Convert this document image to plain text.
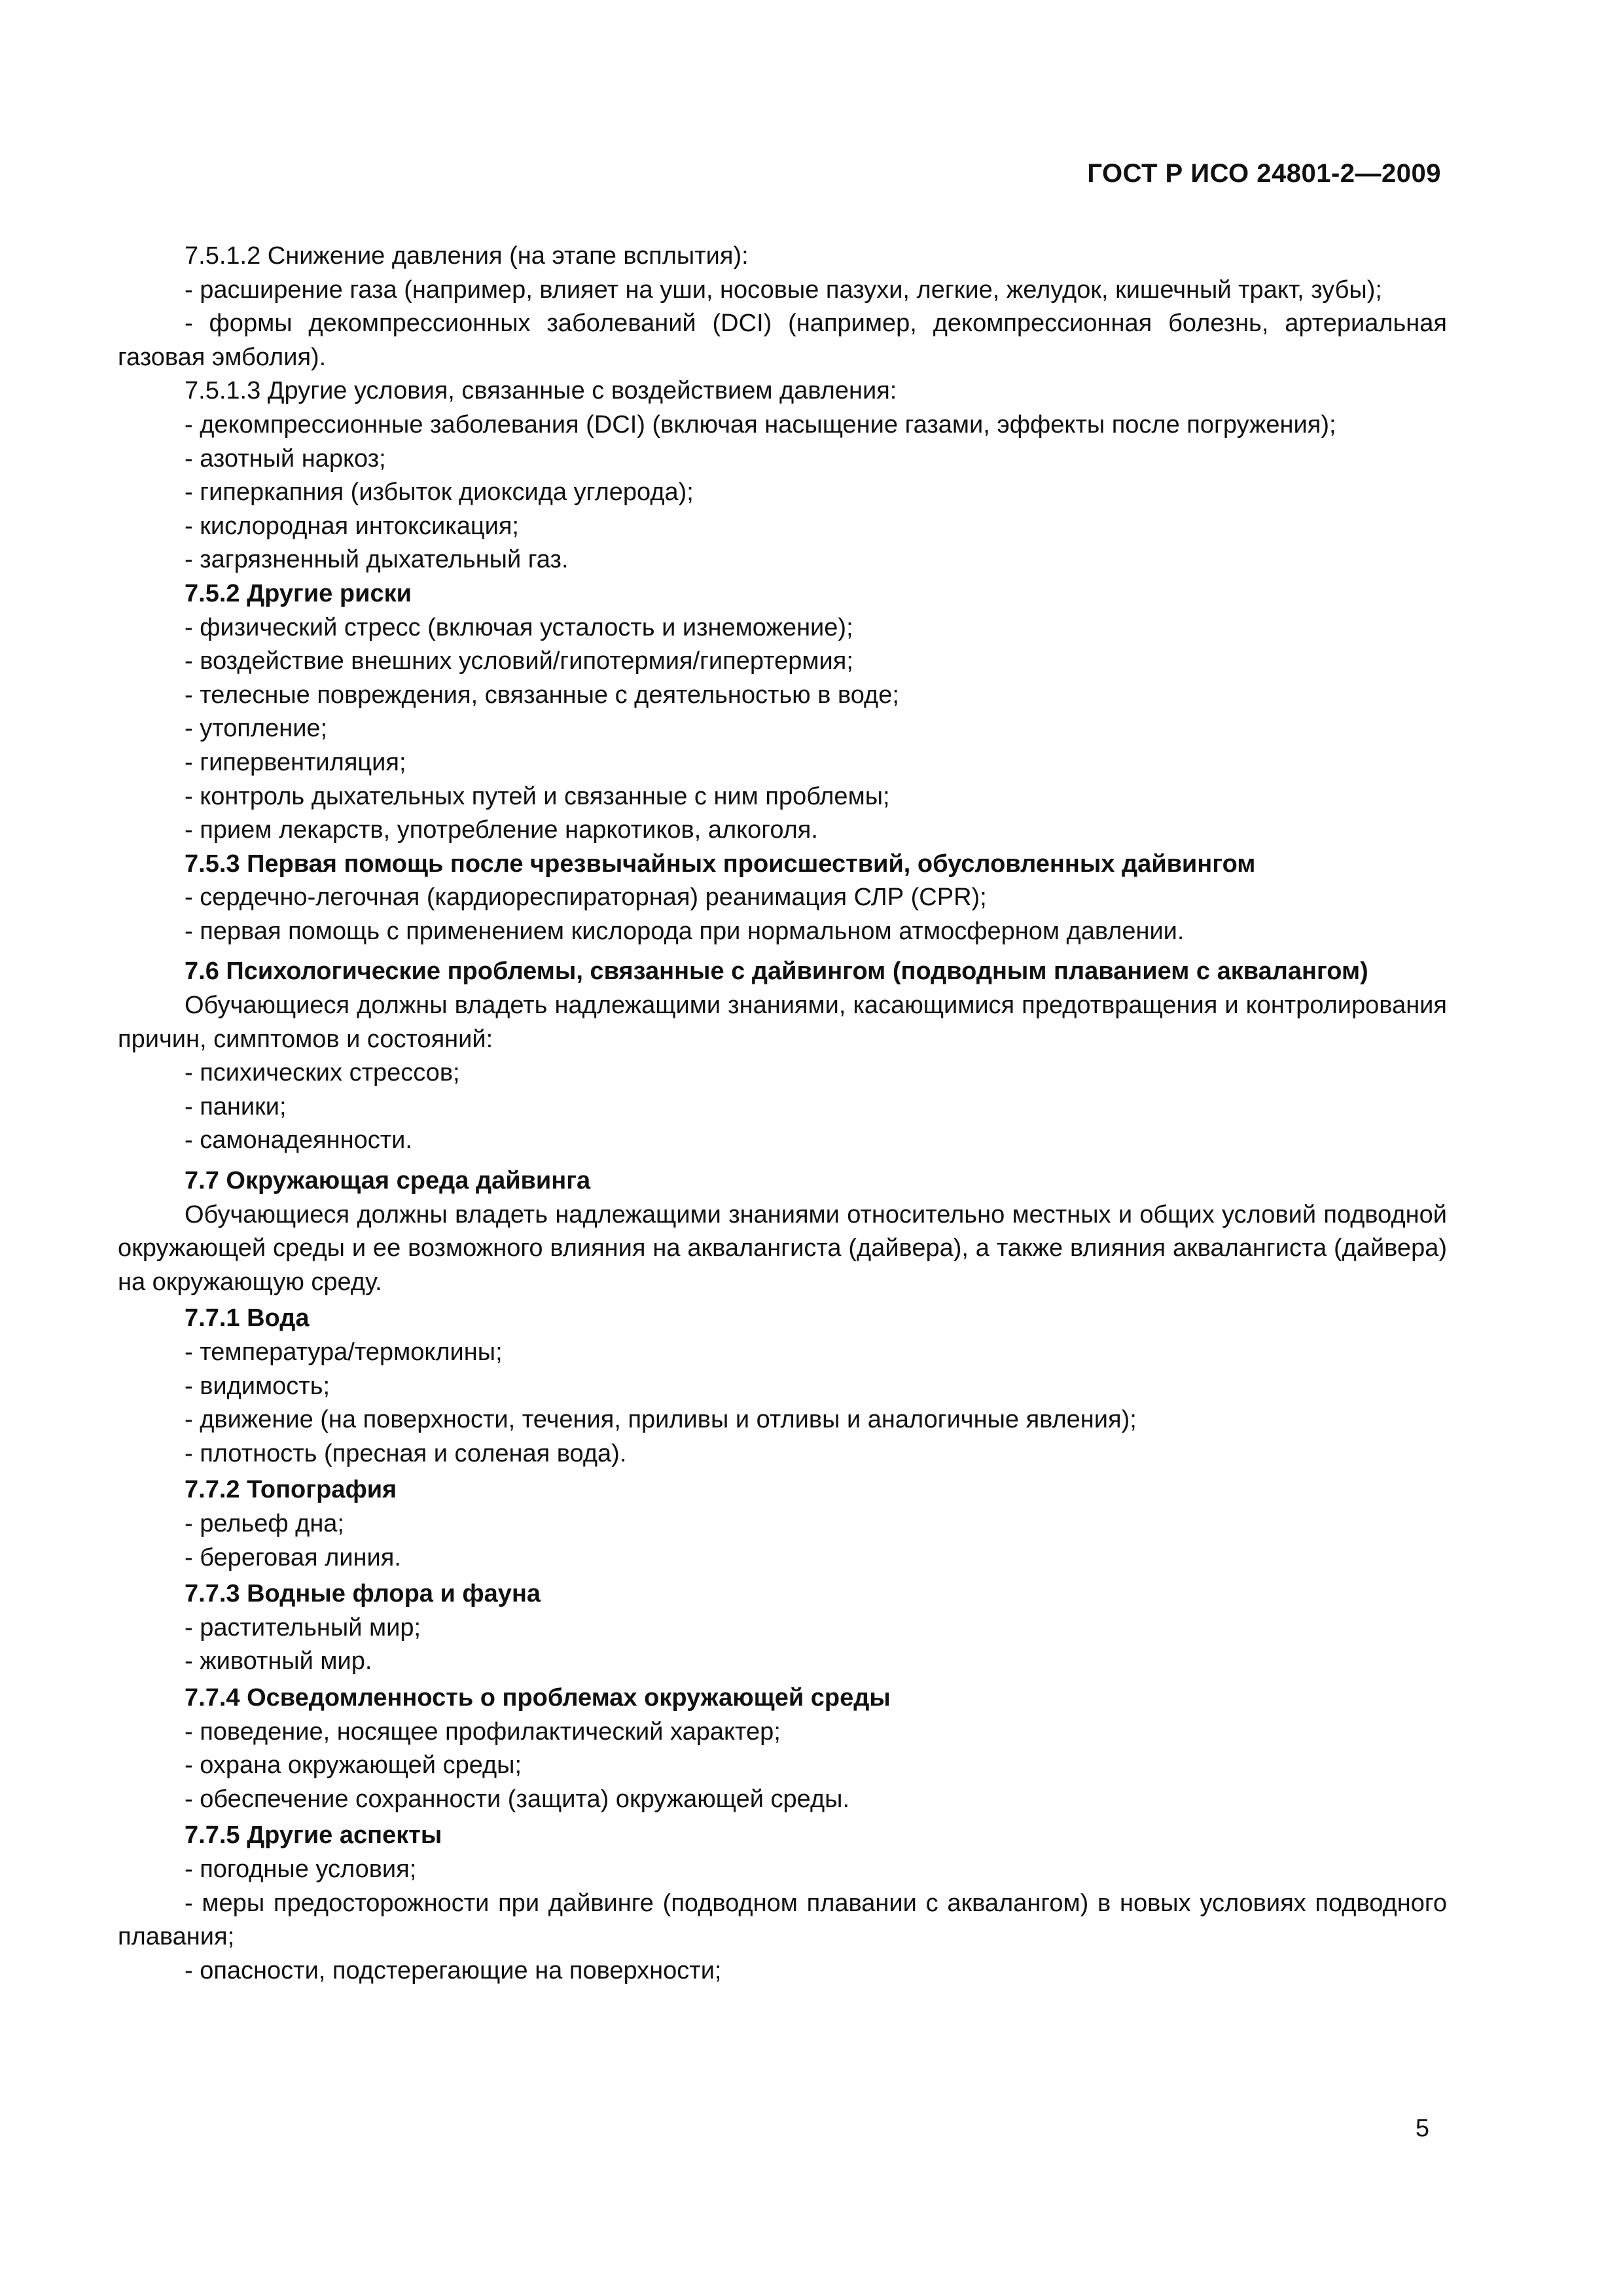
ГОСТ Р ИСО 24801-2—2009

7.5.1.2 Снижение давления (на этапе всплытия):

- расширение газа (например, влияет на уши, носовые пазухи, легкие, желудок, кишечный тракт, зубы);

- формы декомпрессионных заболеваний (DCI) (например, декомпрессионная болезнь, артериальная газовая эмболия).

7.5.1.3 Другие условия, связанные с воздействием давления:

- декомпрессионные заболевания (DCI) (включая насыщение газами, эффекты после погружения);

- азотный наркоз;

- гиперкапния (избыток диоксида углерода);

- кислородная интоксикация;

- загрязненный дыхательный газ.

7.5.2 Другие риски

- физический стресс (включая усталость и изнеможение);

- воздействие внешних условий/гипотермия/гипертермия;

- телесные повреждения, связанные с деятельностью в воде;

- утопление;

- гипервентиляция;

- контроль дыхательных путей и связанные с ним проблемы;

- прием лекарств, употребление наркотиков, алкоголя.

7.5.3 Первая помощь после чрезвычайных происшествий, обусловленных дайвингом

- сердечно-легочная (кардиореспираторная) реанимация СЛР (CPR);

- первая помощь с применением кислорода при нормальном атмосферном давлении.

7.6 Психологические проблемы, связанные с дайвингом (подводным плаванием с аквалангом)

Обучающиеся должны владеть надлежащими знаниями, касающимися предотвращения и контролирования причин, симптомов и состояний:

- психических стрессов;

- паники;

- самонадеянности.

7.7 Окружающая среда дайвинга

Обучающиеся должны владеть надлежащими знаниями относительно местных и общих условий подводной окружающей среды и ее возможного влияния на аквалангиста (дайвера), а также влияния аквалангиста (дайвера) на окружающую среду.

7.7.1 Вода

- температура/термоклины;

- видимость;

- движение (на поверхности, течения, приливы и отливы и аналогичные явления);

- плотность (пресная и соленая вода).

7.7.2 Топография

- рельеф дна;

- береговая линия.

7.7.3 Водные флора и фауна

- растительный мир;

- животный мир.

7.7.4 Осведомленность о проблемах окружающей среды

- поведение, носящее профилактический характер;

- охрана окружающей среды;

- обеспечение сохранности (защита) окружающей среды.

7.7.5 Другие аспекты

- погодные условия;

- меры предосторожности при дайвинге (подводном плавании с аквалангом) в новых условиях подводного плавания;

- опасности, подстерегающие на поверхности;

5
